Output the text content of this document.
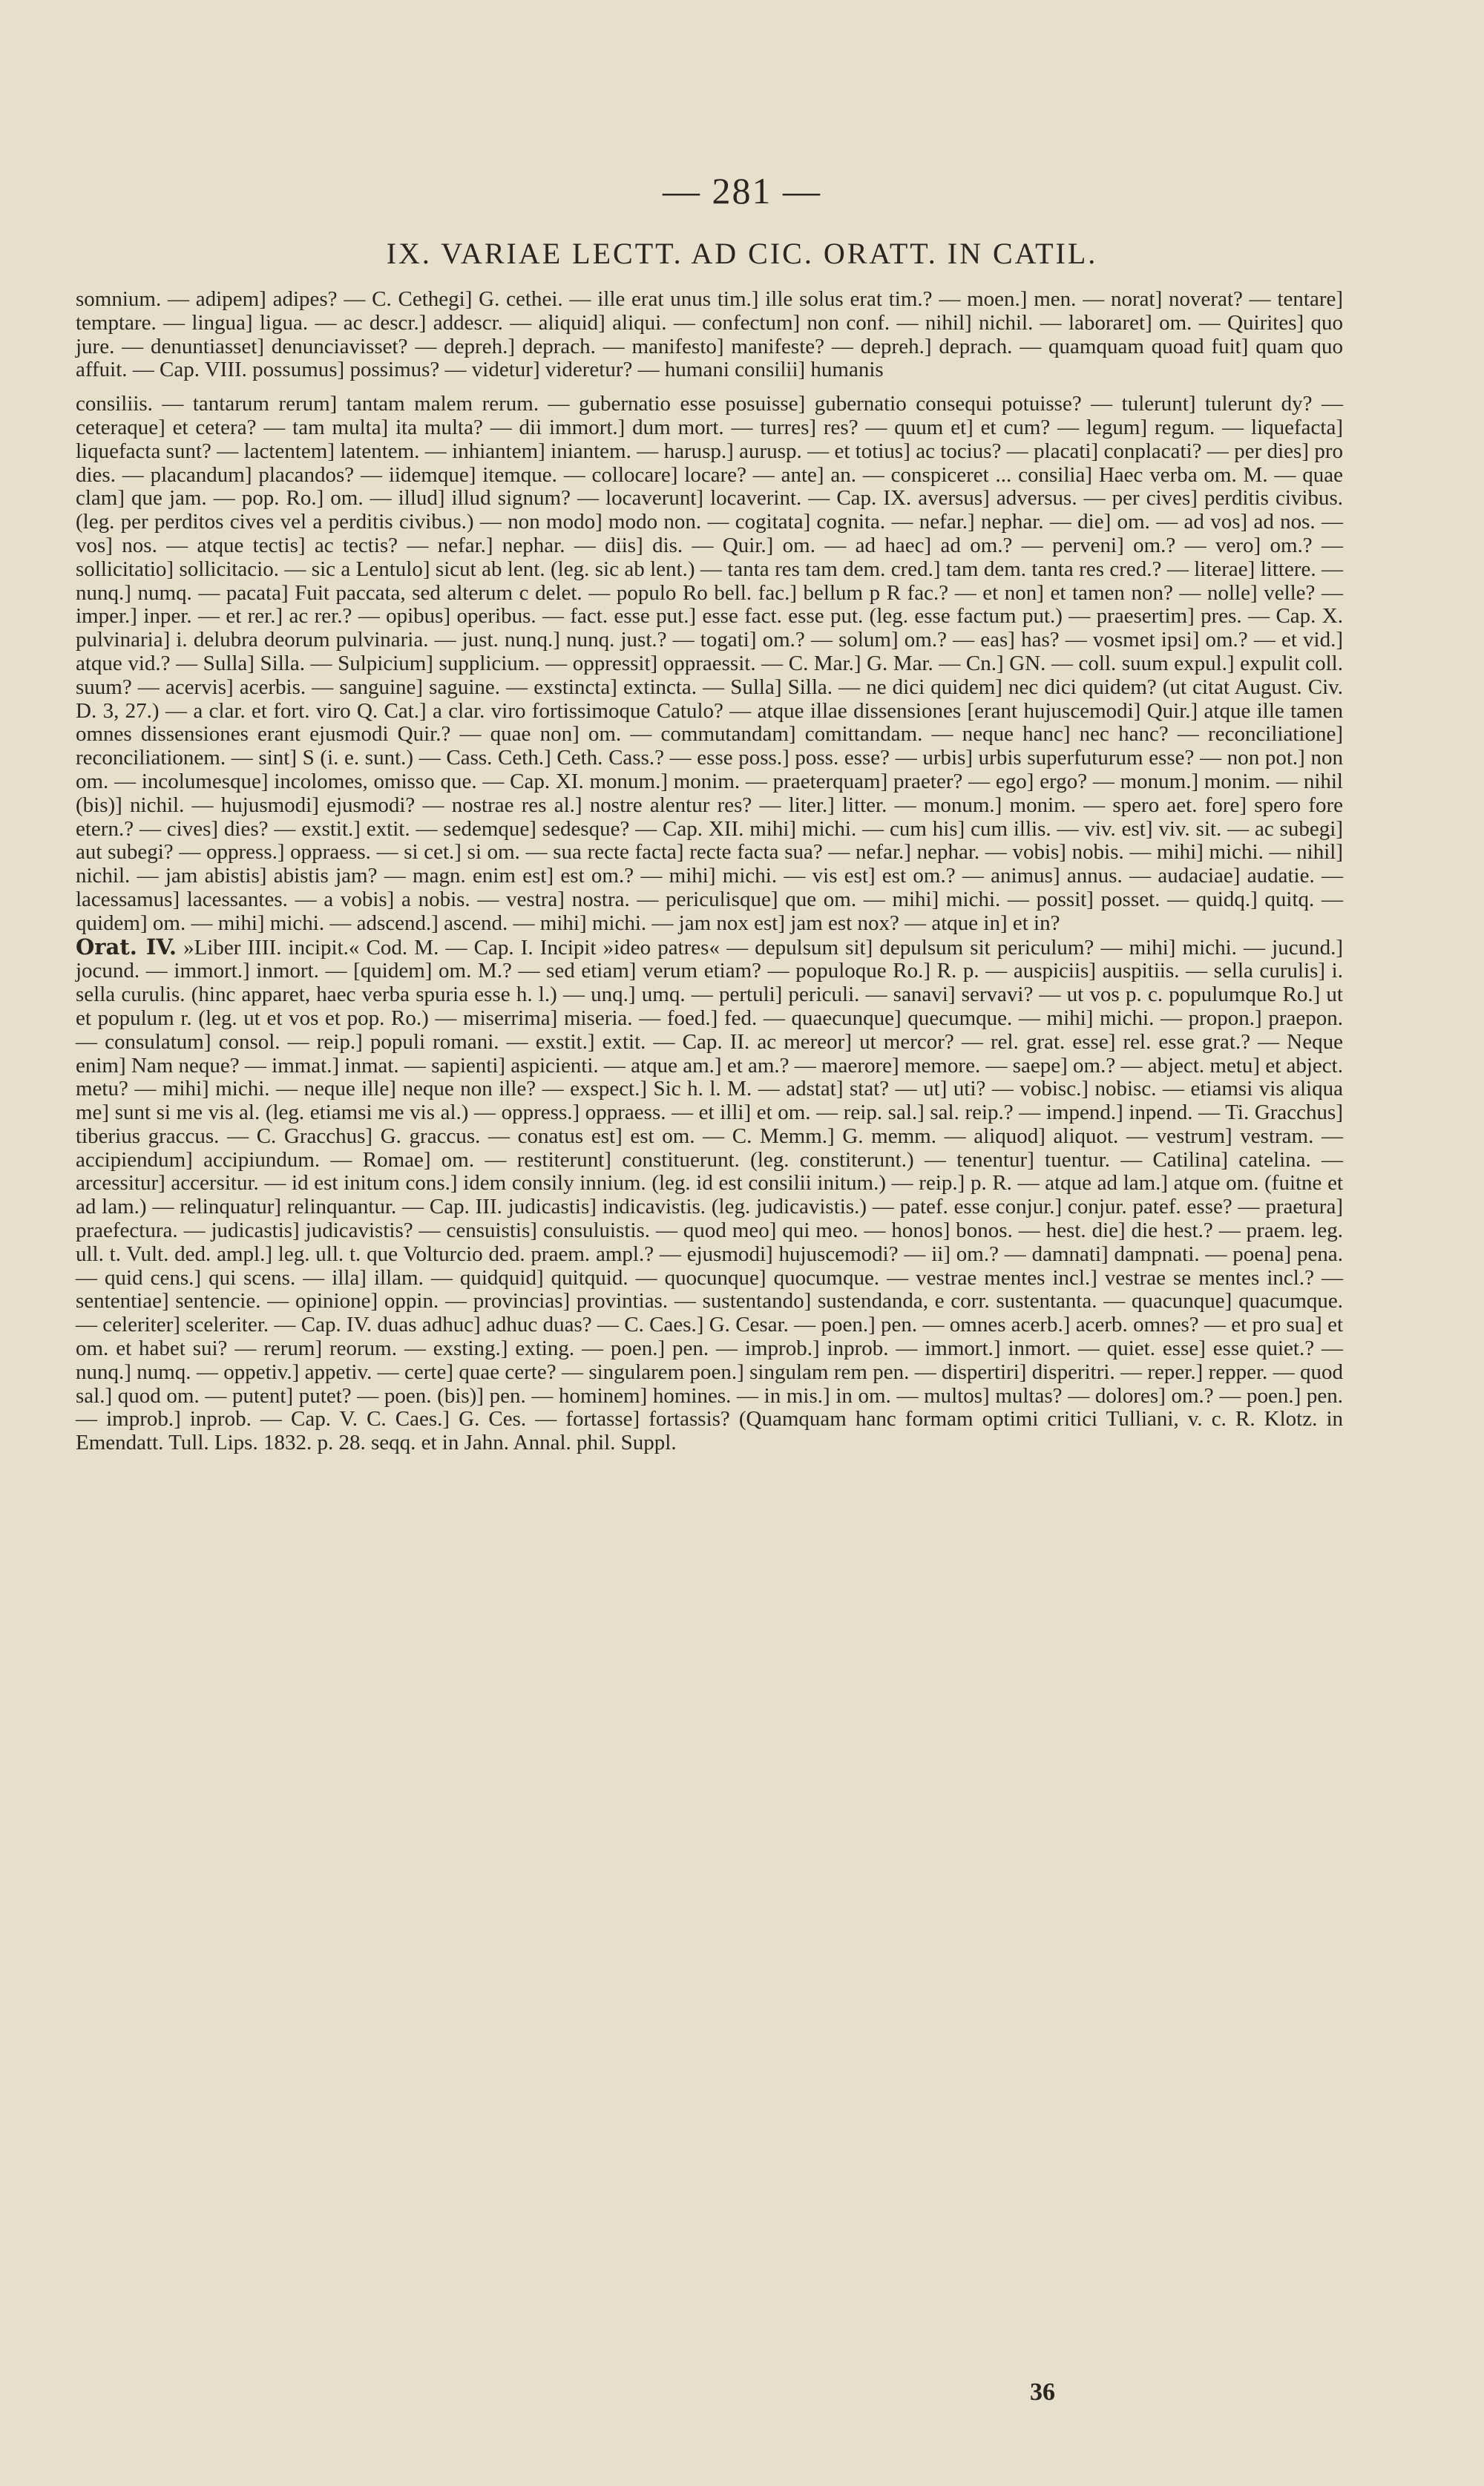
— 281 —
IX. VARIAE LECTT. AD CIC. ORATT. IN CATIL.

somnium. — adipem] adipes? — C. Cethegi] G. cethei. — ille erat unus tim.] ille solus erat tim.? — moen.] men. — norat] noverat? — tentare] temptare. — lingua] ligua. — ac descr.] addescr. — aliquid] aliqui. — confectum] non conf. — nihil] nichil. — laboraret] om. — Quirites] quo jure. — denuntiasset] denunciavisset? — depreh.] deprach. — manifesto] manifeste? — depreh.] deprach. — quamquam quoad fuit] quam quo affuit. — Cap. VIII. possumus] possimus? — videtur] videretur? — humani consilii] humanis

consiliis. — tantarum rerum] tantam malem rerum. — gubernatio esse posuisse] gubernatio consequi potuisse? — tulerunt] tulerunt dy? — ceteraque] et cetera? — tam multa] ita multa? — dii immort.] dum mort. — turres] res? — quum et] et cum? — legum] regum. — liquefacta] liquefacta sunt? — lactentem] latentem. — inhiantem] iniantem. — harusp.] aurusp. — et totius] ac tocius? — placati] conplacati? — per dies] pro dies. — placandum] placandos? — iidemque] itemque. — collocare] locare? — ante] an. — conspiceret ... consilia] Haec verba om. M. — quae clam] que jam. — pop. Ro.] om. — illud] illud signum? — locaverunt] locaverint. — Cap. IX. aversus] adversus. — per cives] perditis civibus. (leg. per perditos cives vel a perditis civibus.) — non modo] modo non. — cogitata] cognita. — nefar.] nephar. — die] om. — ad vos] ad nos. — vos] nos. — atque tectis] ac tectis? — nefar.] nephar. — diis] dis. — Quir.] om. — ad haec] ad om.? — perveni] om.? — vero] om.? — sollicitatio] sollicitacio. — sic a Lentulo] sicut ab lent. (leg. sic ab lent.) — tanta res tam dem. cred.] tam dem. tanta res cred.? — literae] littere. — nunq.] numq. — pacata] Fuit paccata, sed alterum c delet. — populo Ro bell. fac.] bellum p R fac.? — et non] et tamen non? — nolle] velle? — imper.] inper. — et rer.] ac rer.? — opibus] operibus. — fact. esse put.] esse fact. esse put. (leg. esse factum put.) — praesertim] pres. — Cap. X. pulvinaria] i. delubra deorum pulvinaria. — just. nunq.] nunq. just.? — togati] om.? — solum] om.? — eas] has? — vosmet ipsi] om.? — et vid.] atque vid.? — Sulla] Silla. — Sulpicium] supplicium. — oppressit] oppraessit. — C. Mar.] G. Mar. — Cn.] GN. — coll. suum expul.] expulit coll. suum? — acervis] acerbis. — sanguine] saguine. — exstincta] extincta. — Sulla] Silla. — ne dici quidem] nec dici quidem? (ut citat August. Civ. D. 3, 27.) — a clar. et fort. viro Q. Cat.] a clar. viro fortissimoque Catulo? — atque illae dissensiones [erant hujuscemodi] Quir.] atque ille tamen omnes dissensiones erant ejusmodi Quir.? — quae non] om. — commutandam] comittandam. — neque hanc] nec hanc? — reconciliatione] reconciliationem. — sint] S (i. e. sunt.) — Cass. Ceth.] Ceth. Cass.? — esse poss.] poss. esse? — urbis] urbis superfuturum esse? — non pot.] non om. — incolumesque] incolomes, omisso que. — Cap. XI. monum.] monim. — praeterquam] praeter? — ego] ergo? — monum.] monim. — nihil (bis)] nichil. — hujusmodi] ejusmodi? — nostrae res al.] nostre alentur res? — liter.] litter. — monum.] monim. — spero aet. fore] spero fore etern.? — cives] dies? — exstit.] extit. — sedemque] sedesque? — Cap. XII. mihi] michi. — cum his] cum illis. — viv. est] viv. sit. — ac subegi] aut subegi? — oppress.] oppraess. — si cet.] si om. — sua recte facta] recte facta sua? — nefar.] nephar. — vobis] nobis. — mihi] michi. — nihil] nichil. — jam abistis] abistis jam? — magn. enim est] est om.? — mihi] michi. — vis est] est om.? — animus] annus. — audaciae] audatie. — lacessamus] lacessantes. — a vobis] a nobis. — vestra] nostra. — periculisque] que om. — mihi] michi. — possit] posset. — quidq.] quitq. — quidem] om. — mihi] michi. — adscend.] ascend. — mihi] michi. — jam nox est] jam est nox? — atque in] et in?

Orat. IV. »Liber IIII. incipit.« Cod. M. — Cap. I. Incipit »ideo patres« — depulsum sit] depulsum sit periculum? — mihi] michi. — jucund.] jocund. — immort.] inmort. — [quidem] om. M.? — sed etiam] verum etiam? — populoque Ro.] R. p. — auspiciis] auspitiis. — sella curulis] i. sella curulis. (hinc apparet, haec verba spuria esse h. l.) — unq.] umq. — pertuli] periculi. — sanavi] servavi? — ut vos p. c. populumque Ro.] ut et populum r. (leg. ut et vos et pop. Ro.) — miserrima] miseria. — foed.] fed. — quaecunque] quecumque. — mihi] michi. — propon.] praepon. — consulatum] consol. — reip.] populi romani. — exstit.] extit. — Cap. II. ac mereor] ut mercor? — rel. grat. esse] rel. esse grat.? — Neque enim] Nam neque? — immat.] inmat. — sapienti] aspicienti. — atque am.] et am.? — maerore] memore. — saepe] om.? — abject. metu] et abject. metu? — mihi] michi. — neque ille] neque non ille? — exspect.] Sic h. l. M. — adstat] stat? — ut] uti? — vobisc.] nobisc. — etiamsi vis aliqua me] sunt si me vis al. (leg. etiamsi me vis al.) — oppress.] oppraess. — et illi] et om. — reip. sal.] sal. reip.? — impend.] inpend. — Ti. Gracchus] tiberius graccus. — C. Gracchus] G. graccus. — conatus est] est om. — C. Memm.] G. memm. — aliquod] aliquot. — vestrum] vestram. — accipiendum] accipiundum. — Romae] om. — restiterunt] constituerunt. (leg. constiterunt.) — tenentur] tuentur. — Catilina] catelina. — arcessitur] accersitur. — id est initum cons.] idem consily innium. (leg. id est consilii initum.) — reip.] p. R. — atque ad lam.] atque om. (fuitne et ad lam.) — relinquatur] relinquantur. — Cap. III. judicastis] indicavistis. (leg. judicavistis.) — patef. esse conjur.] conjur. patef. esse? — praetura] praefectura. — judicastis] judicavistis? — censuistis] consuluistis. — quod meo] qui meo. — honos] bonos. — hest. die] die hest.? — praem. leg. ull. t. Vult. ded. ampl.] leg. ull. t. que Volturcio ded. praem. ampl.? — ejusmodi] hujuscemodi? — ii] om.? — damnati] dampnati. — poena] pena. — quid cens.] qui scens. — illa] illam. — quidquid] quitquid. — quocunque] quocumque. — vestrae mentes incl.] vestrae se mentes incl.? — sententiae] sentencie. — opinione] oppin. — provincias] provintias. — sustentando] sustendanda, e corr. sustentanta. — quacunque] quacumque. — celeriter] sceleriter. — Cap. IV. duas adhuc] adhuc duas? — C. Caes.] G. Cesar. — poen.] pen. — omnes acerb.] acerb. omnes? — et pro sua] et om. et habet sui? — rerum] reorum. — exsting.] exting. — poen.] pen. — improb.] inprob. — immort.] inmort. — quiet. esse] esse quiet.? — nunq.] numq. — oppetiv.] appetiv. — certe] quae certe? — singularem poen.] singulam rem pen. — dispertiri] disperitri. — reper.] repper. — quod sal.] quod om. — putent] putet? — poen. (bis)] pen. — hominem] homines. — in mis.] in om. — multos] multas? — dolores] om.? — poen.] pen. — improb.] inprob. — Cap. V. C. Caes.] G. Ces. — fortasse] fortassis? (Quamquam hanc formam optimi critici Tulliani, v. c. R. Klotz. in Emendatt. Tull. Lips. 1832. p. 28. seqq. et in Jahn. Annal. phil. Suppl.

36
